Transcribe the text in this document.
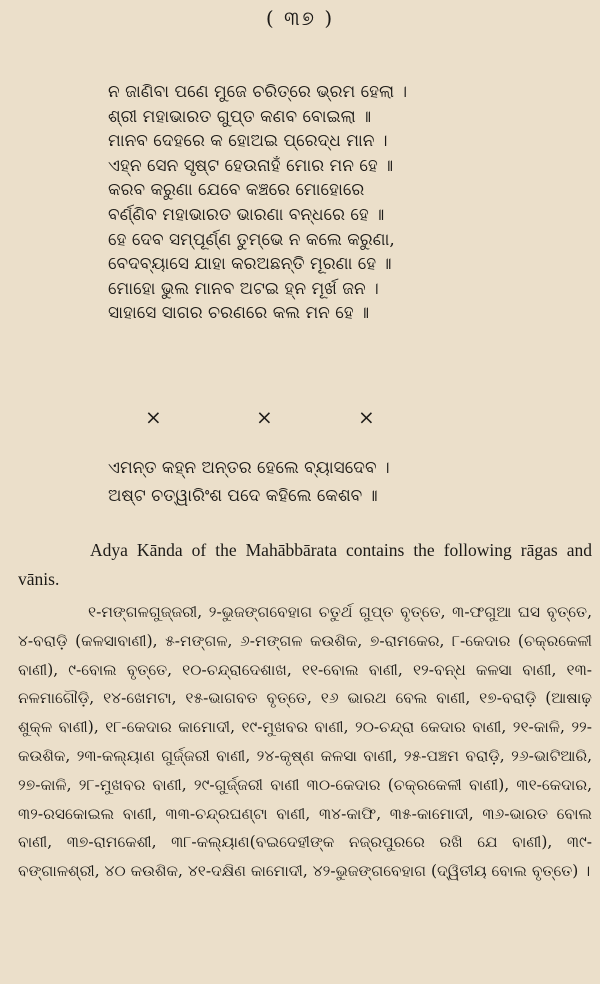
( ୩୭ )
ନ ଜାଣିବା ପଣେ ମୁଜେ ଚରିତ୍ରେ ଭ୍ରମ ହେଲା ।
ଶ୍ରୀ ମହାଭାରତ ଗୁପ୍ତ କଣବ ବୋଇଲା ॥
ମାନବ ଦେହରେ କ ହୋଅଇ ପ୍ରେଦ୍ଧ ମାନ ।
ଏହ୍ନ ସେନ ସୃଷ୍ଟ ହେଉନାହଁ ମୋର ମନ ହେ ॥
କରବ କରୁଣା ଯେବେ କଞ୍ଚରେ ମୋହୋରେ
ବର୍ଣ୍ଣିବ ମହାଭାରତ ଭାରଣା ବନ୍ଧରେ ହେ ॥
ହେ ଦେବ ସମ୍ପୂର୍ଣ୍ଣ ତୁମ୍ଭେ ନ କଲେ କରୁଣା,
ବେଦବ୍ୟାସେ ଯାହା କରଅଛନ୍ତି ମୂରଣା ହେ ॥
ମୋହୋ ଭୁଲ ମାନବ ଅଟଇ ହ୍ନ ମୂର୍ଖ ଜନ ।
ସାହାସେ ସାଗର ଚରଣରେ କଲ ମନ ହେ ॥
×	×	×
ଏମନ୍ତ କହ୍ନ ଅନ୍ତର ହେଲେ ବ୍ୟାସଦେବ ।
ଅଷ୍ଟ ଚତ୍ୱାରିଂଶ ପଦେ କହିଲେ କେଶବ ॥

Adya Kānda of the Mahābbārata contains the following rāgas and vānis.

୧-ମଙ୍ଗଳଗୁଜ୍ଜରୀ, ୨-ଭୁଜଙ୍ଗବେହାଗ ଚତୁର୍ଥ ଗୁପ୍ତ ବୃତ୍ତେ, ୩-ଫଗୁଆ ଘସ ବୃତ୍ତେ, ୪-ବରାଡ଼ି (କଳସାବାଣୀ), ୫-ମଙ୍ଗଳ, ୬-ମଙ୍ଗଳ କଉଶିକ, ୭-ରାମକେର, ୮-କେଦାର (ଚକ୍ରକେଳୀ ବାଣୀ), ୯-ବୋଲ ବୃତ୍ତେ, ୧୦-ଚନ୍ଦ୍ରାଦେଶାଖ, ୧୧-ବୋଲ ବାଣୀ, ୧୨-ବନ୍ଧ କଳସା ବାଣୀ, ୧୩-ନଳମାଗୌଡ଼ି, ୧୪-ଖେମଟା, ୧୫-ଭାଗବତ ବୃତ୍ତେ, ୧୬ ଭାରଥ ବେଲ ବାଣୀ, ୧୭-ବରାଡ଼ି (ଆଷାଢ଼ ଶୁକ୍ଳ ବାଣୀ), ୧୮-କେଦାର କାମୋଦୀ, ୧୯-ମୁଖବର ବାଣୀ, ୨୦-ଚନ୍ଦ୍ରା କେଦାର ବାଣୀ, ୨୧-କାଳି, ୨୨-କଉଶିକ, ୨୩-କଲ୍ୟାଣ ଗୁର୍ଜ୍ଜରୀ ବାଣୀ, ୨୪-କୃଷ୍ଣ କଳସା ବାଣୀ, ୨୫-ପଞ୍ଚମ ବରାଡ଼ି, ୨୬-ଭାଟିଆରି, ୨୭-କାଳି, ୨୮-ମୁଖବର ବାଣୀ, ୨୯-ଗୁର୍ଜ୍ଜରୀ ବାଣୀ ୩୦-କେଦାର (ଚକ୍ରକେଳୀ ବାଣୀ), ୩୧-କେଦାର, ୩୨-ରସକୋଇଲ ବାଣୀ, ୩୩-ଚନ୍ଦ୍ରଘଣ୍ଟା ବାଣୀ, ୩୪-କାଫି, ୩୫-କାମୋଦୀ, ୩୬-ଭାରତ ବୋଲ ବାଣୀ, ୩୭-ରାମକେଶୀ, ୩୮-କଲ୍ୟାଣ(ବଇଦେହୀଙ୍କ ନଜ୍ରପୁରରେ ରଖି ଯେ ବାଣୀ), ୩୯-ବଙ୍ଗାଳଶ୍ରୀ, ୪୦ କଉଶିକ, ୪୧-ଦକ୍ଷିଣ କାମୋଦୀ, ୪୨-ଭୁଜଙ୍ଗବେହାଗ (ଦ୍ୱିତୀୟ ବୋଲ ବୃତ୍ତେ) ।
